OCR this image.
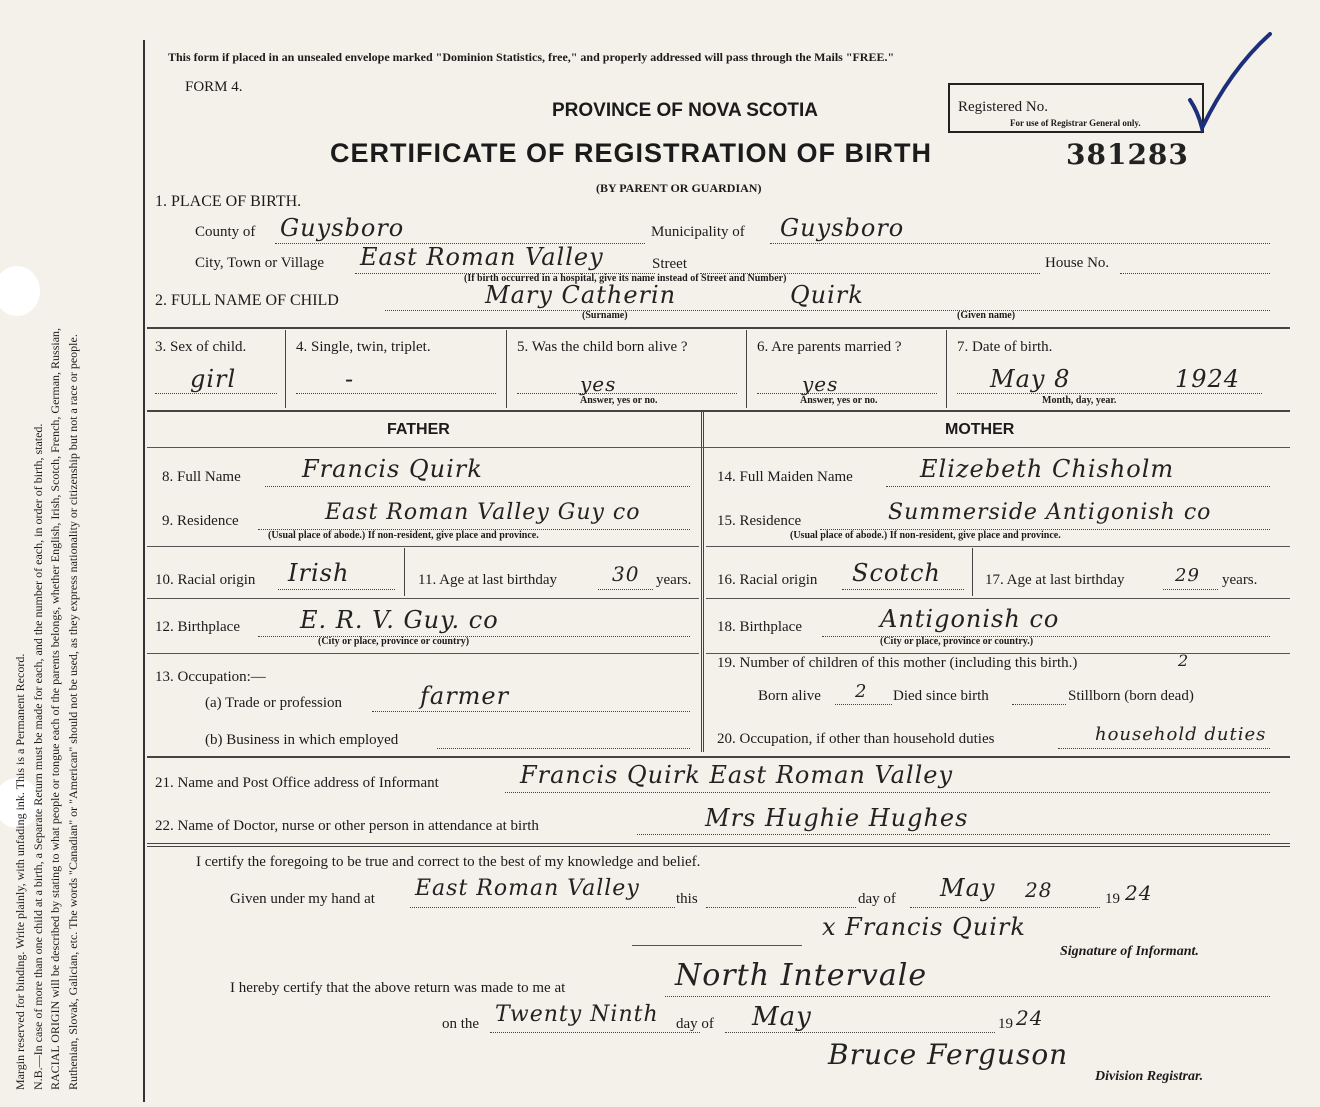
Margin reserved for binding. Write plainly, with unfading ink. This is a Permanent Record. N.B.—In case of more than one child at a birth, a Separate Return must be made for each, and the number of each, in order of birth, stated. RACIAL ORIGIN will be described by stating to what people or tongue each of the parents belongs, whether English, Irish, Scotch, French, German, Russian, Ruthenian, Slovak, Galician, etc. The words "Canadian" or "American" should not be used, as they express nationality or citizenship but not a race or people.
This form if placed in an unsealed envelope marked "Dominion Statistics, free," and properly addressed will pass through the Mails "FREE."
FORM 4.
PROVINCE OF NOVA SCOTIA	Registered No.
For use of Registrar General only.
CERTIFICATE OF REGISTRATION OF BIRTH	381283
(BY PARENT OR GUARDIAN)
1. PLACE OF BIRTH.
County of Guysboro	Municipality of Guysboro
City, Town or Village East Roman Valley	Street	House No.
(If birth occurred in a hospital, give its name instead of Street and Number)
2. FULL NAME OF CHILD	Mary Catherin	Quirk
(Surname)	(Given name)
3. Sex of child.
girl
4. Single, twin, triplet.
-
5. Was the child born alive ?
yes
Answer, yes or no.
6. Are parents married ?
yes
Answer, yes or no.
7. Date of birth.
May 8	1924
Month, day, year.
FATHER	MOTHER
8. Full Name	Francis Quirk
9. Residence	East Roman Valley Guy co
(Usual place of abode.) If non-resident, give place and province.
10. Racial origin Irish	11. Age at last birthday	30 years.
12. Birthplace	E. R. V. Guy. co
(City or place, province or country)
13. Occupation:—
(a) Trade or profession	farmer
(b) Business in which employed
14. Full Maiden Name	Elizebeth Chisholm
15. Residence	Summerside Antigonish co
(Usual place of abode.) If non-resident, give place and province.
16. Racial origin Scotch	17. Age at last birthday	29 years.
18. Birthplace	Antigonish co
(City or place, province or country.)
19. Number of children of this mother (including this birth.)	2
Born alive 2 Died since birth	Stillborn (born dead)
20. Occupation, if other than household duties	household duties
21. Name and Post Office address of Informant	Francis Quirk East Roman Valley
22. Name of Doctor, nurse or other person in attendance at birth	Mrs Hughie Hughes
I certify the foregoing to be true and correct to the best of my knowledge and belief.
Given under my hand at East Roman Valley this	day of May 28	19 24
x Francis Quirk
Signature of Informant.
I hereby certify that the above return was made to me at	North Intervale
on the Twenty Ninth day of May	19 24
Bruce Ferguson
Division Registrar.
